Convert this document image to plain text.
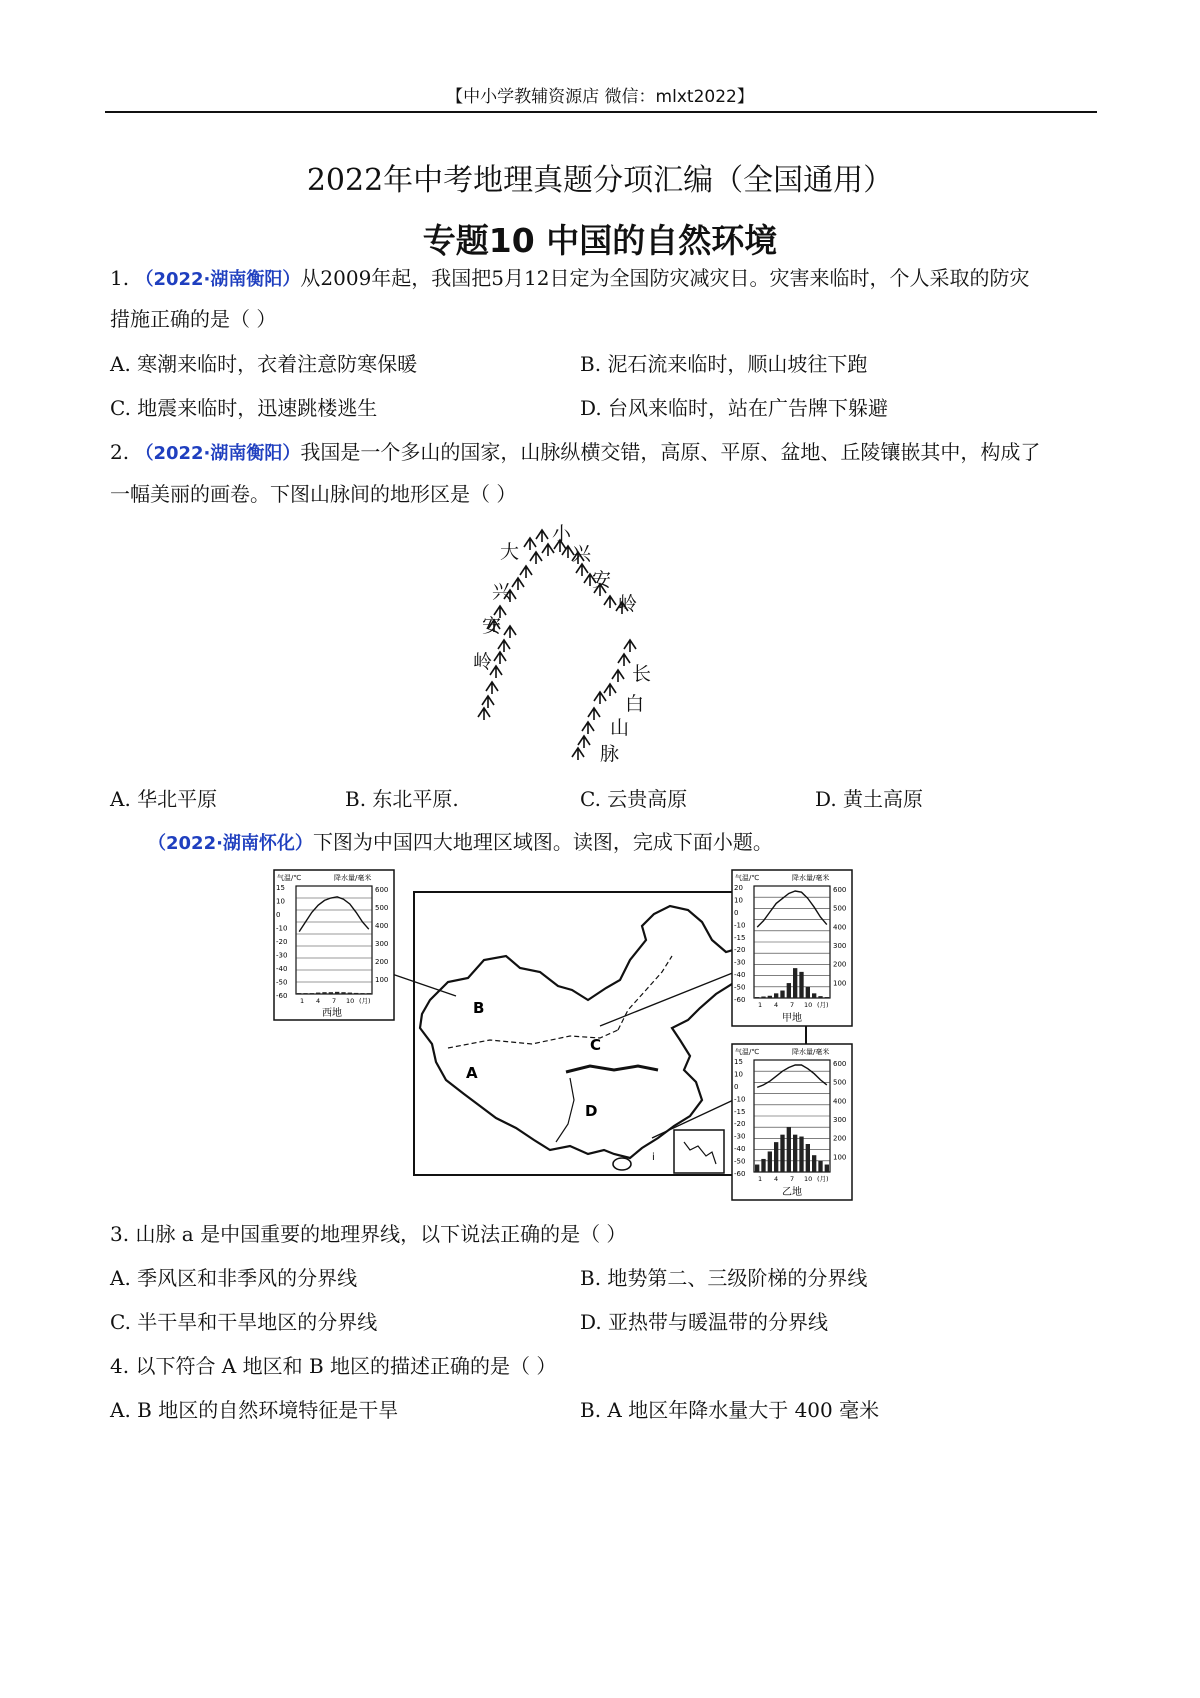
【中小学教辅资源店 微信：mlxt2022】
2022年中考地理真题分项汇编（全国通用）
专题10 中国的自然环境
1. （2022·湖南衡阳）从2009年起，我国把5月12日定为全国防灾减灾日。灾害来临时，个人采取的防灾
措施正确的是（ ）
A. 寒潮来临时，衣着注意防寒保暖	B. 泥石流来临时，顺山坡往下跑
C. 地震来临时，迅速跳楼逃生	D. 台风来临时，站在广告牌下躲避
2. （2022·湖南衡阳）我国是一个多山的国家，山脉纵横交错，高原、平原、盆地、丘陵镶嵌其中，构成了
一幅美丽的画卷。下图山脉间的地形区是（ ）
小
大
兴
安
岭
兴
安
岭
长
白
山
脉
A. 华北平原	B. 东北平原.	C. 云贵高原	D. 黄土高原
（2022·湖南怀化）下图为中国四大地理区域图。读图，完成下面小题。
i
A
B
C
D
气温/℃	降水量/毫米
15
10
0
-10
-20
-30
-40
-50
-60
600
500
400
300
200
100
1 4 7 10 (月)
西地
气温/℃	降水量/毫米
20
10
0
-10
-15
-20
-30
-40
-50
-60
600
500
400
300
200
100
1 4 7 10 (月)
甲地
气温/℃	降水量/毫米
15
10
0
-10
-15
-20
-30
-40
-50
-60
600
500
400
300
200
100
1 4 7 10 (月)
乙地
3. 山脉 a 是中国重要的地理界线，以下说法正确的是（ ）
A. 季风区和非季风的分界线	B. 地势第二、三级阶梯的分界线
C. 半干旱和干旱地区的分界线	D. 亚热带与暖温带的分界线
4. 以下符合 A 地区和 B 地区的描述正确的是（ ）
A. B 地区的自然环境特征是干旱	B. A 地区年降水量大于 400 毫米
